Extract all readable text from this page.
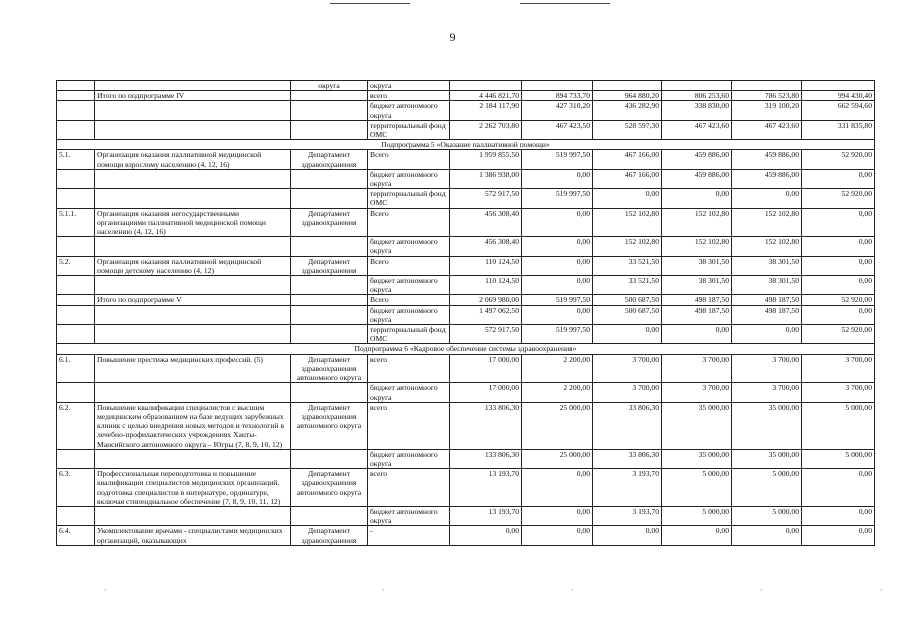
9
		округа	округа						
	Итого по подпрограмме IV		всего	4 446 821,70	894 733,70	964 880,20	806 253,60	786 523,80	994 430,40
			бюджет автономного округа	2 184 117,90	427 310,20	436 282,90	338 830,00	319 100,20	662 594,60
			территориальный фонд ОМС	2 262 703,80	467 423,50	528 597,30	467 423,60	467 423,60	331 835,80
Подпрограмма 5 «Оказание паллиативной помощи»									
5.1.	Организация оказания паллиативной медицинской помощи взрослому населению (4, 12, 16)	Департамент здравоохранения	Всего	1 959 855,50	519 997,50	467 166,00	459 886,00	459 886,00	52 920,00
			бюджет автономного округа	1 386 938,00	0,00	467 166,00	459 886,00	459 886,00	0,00
			территориальный фонд ОМС	572 917,50	519 997,50	0,00	0,00	0,00	52 920,00
5.1.1.	Организация оказания негосударственными организациями паллиативной медицинской помощи населению (4, 12, 16)	Департамент здравоохранения	Всего	456 308,40	0,00	152 102,80	152 102,80	152 102,80	0,00
			бюджет автономного округа	456 308,40	0,00	152 102,80	152 102,80	152 102,80	0,00
5.2.	Организация оказания паллиативной медицинской помощи детскому населению (4, 12)	Департамент здравоохранения	Всего	110 124,50	0,00	33 521,50	38 301,50	38 301,50	0,00
			бюджет автономного округа	110 124,50	0,00	33 521,50	38 301,50	38 301,50	0,00
	Итого по подпрограмме V		Всего	2 069 980,00	519 997,50	500 687,50	498 187,50	498 187,50	52 920,00
			бюджет автономного округа	1 497 062,50	0,00	500 687,50	498 187,50	498 187,50	0,00
			территориальный фонд ОМС	572 917,50	519 997,50	0,00	0,00	0,00	52 920,00
Подпрограмма 6 «Кадровое обеспечение системы здравоохранения»									
6.1.	Повышение престижа медицинских профессий. (5)	Департамент здравоохранения автономного округа	всего	17 000,00	2 200,00	3 700,00	3 700,00	3 700,00	3 700,00
			бюджет автономного округа	17 000,00	2 200,00	3 700,00	3 700,00	3 700,00	3 700,00
6.2.	Повышение квалификации специалистов с высшим медицинским образованием на базе ведущих зарубежных клиник с целью внедрения новых методов и технологий в лечебно-профилактических учреждениях Ханты-Мансийского автономного округа – Югры (7, 8, 9, 10, 12)	Департамент здравоохранения автономного округа	всего	133 806,30	25 000,00	33 806,30	35 000,00	35 000,00	5 000,00
			бюджет автономного округа	133 806,30	25 000,00	33 806,30	35 000,00	35 000,00	5 000,00
6.3.	Профессиональная переподготовка и повышение квалификации специалистов медицинских организаций, подготовка специалистов в интернатуре, ординатуре, включая стипендиальное обеспечение (7, 8, 9, 10, 11, 12)	Департамент здравоохранения автономного округа	всего	13 193,70	0,00	3 193,70	5 000,00	5 000,00	0,00
			бюджет автономного округа	13 193,70	0,00	3 193,70	5 000,00	5 000,00	0,00
6.4.	Укомплектование врачами - специалистами медицинских организаций, оказывающих	Департамент здравоохранения	-	0,00	0,00	0,00	0,00	0,00	0,00
·	·	·	·	·
